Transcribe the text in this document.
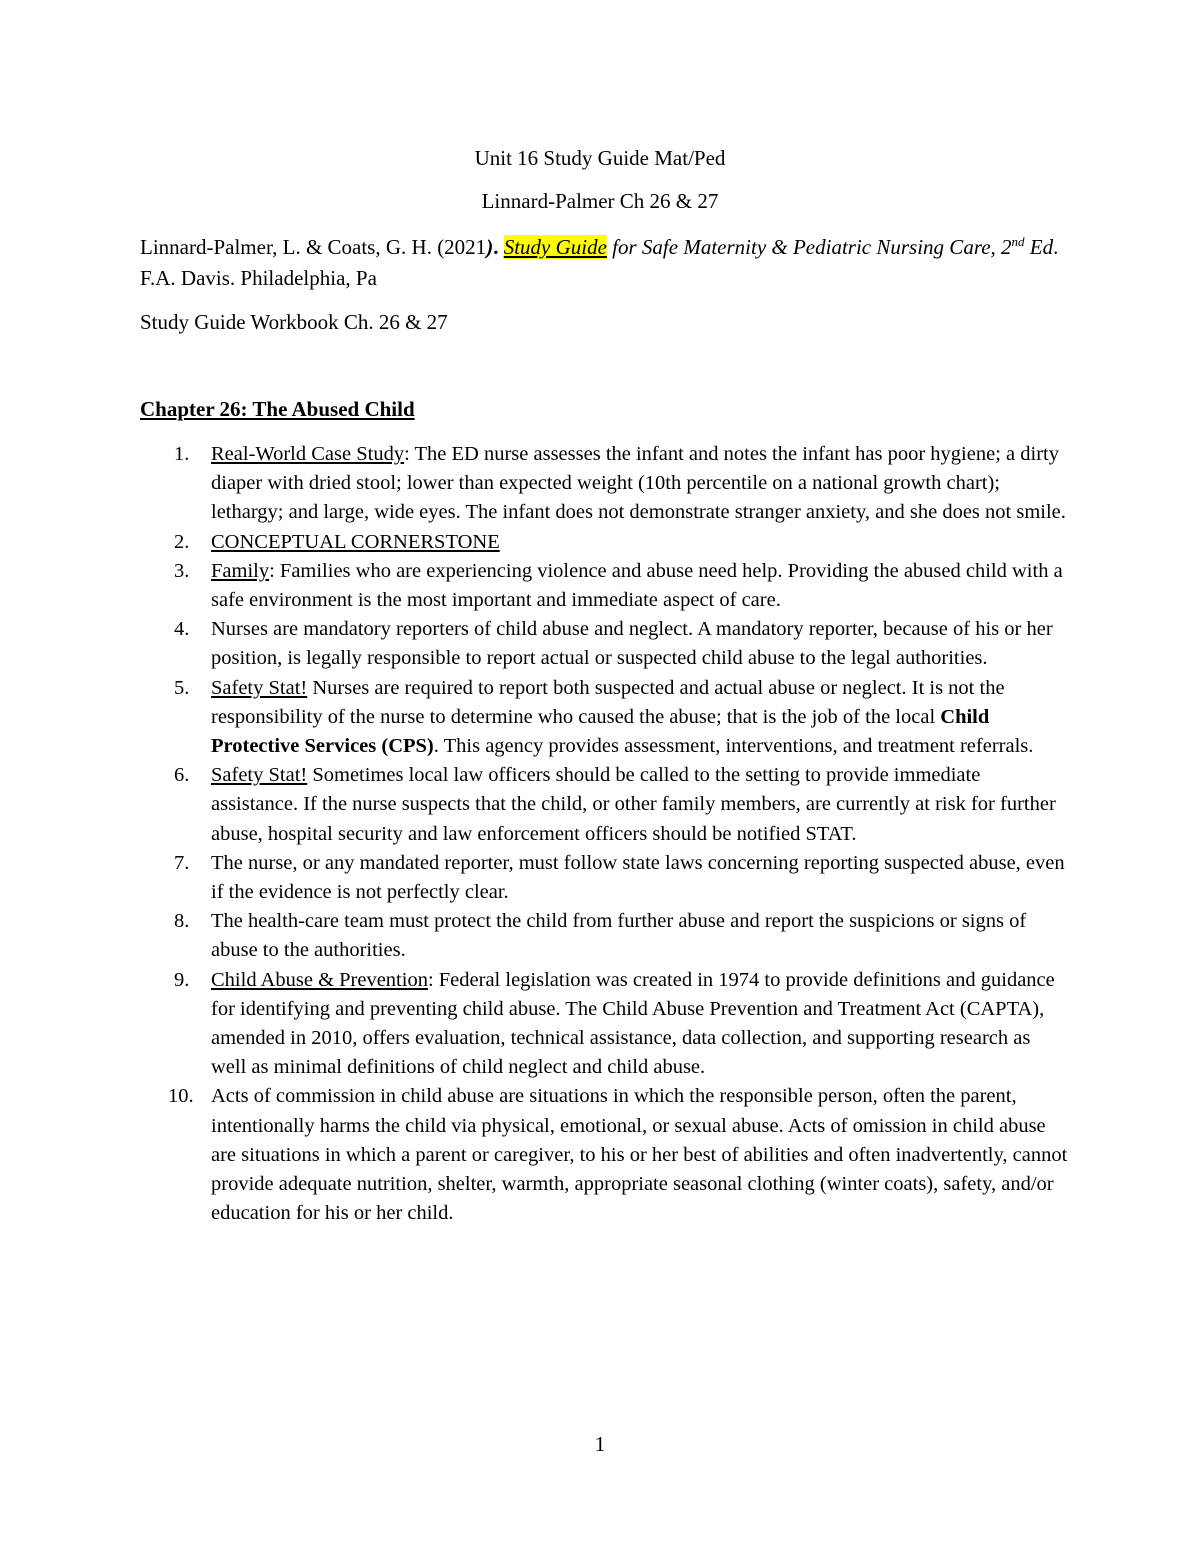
Unit 16 Study Guide Mat/Ped
Linnard-Palmer Ch 26 & 27
Linnard-Palmer, L. & Coats, G. H. (2021). Study Guide for Safe Maternity & Pediatric Nursing Care, 2nd Ed. F.A. Davis. Philadelphia, Pa
Study Guide Workbook Ch. 26 & 27
Chapter 26: The Abused Child
1.	Real-World Case Study: The ED nurse assesses the infant and notes the infant has poor hygiene; a dirty diaper with dried stool; lower than expected weight (10th percentile on a national growth chart); lethargy; and large, wide eyes. The infant does not demonstrate stranger anxiety, and she does not smile.
2.	CONCEPTUAL CORNERSTONE
3.	Family: Families who are experiencing violence and abuse need help. Providing the abused child with a safe environment is the most important and immediate aspect of care.
4.	Nurses are mandatory reporters of child abuse and neglect. A mandatory reporter, because of his or her position, is legally responsible to report actual or suspected child abuse to the legal authorities.
5.	Safety Stat! Nurses are required to report both suspected and actual abuse or neglect. It is not the responsibility of the nurse to determine who caused the abuse; that is the job of the local Child Protective Services (CPS). This agency provides assessment, interventions, and treatment referrals.
6.	Safety Stat! Sometimes local law officers should be called to the setting to provide immediate assistance. If the nurse suspects that the child, or other family members, are currently at risk for further abuse, hospital security and law enforcement officers should be notified STAT.
7.	The nurse, or any mandated reporter, must follow state laws concerning reporting suspected abuse, even if the evidence is not perfectly clear.
8.	The health-care team must protect the child from further abuse and report the suspicions or signs of abuse to the authorities.
9.	Child Abuse & Prevention: Federal legislation was created in 1974 to provide definitions and guidance for identifying and preventing child abuse. The Child Abuse Prevention and Treatment Act (CAPTA), amended in 2010, offers evaluation, technical assistance, data collection, and supporting research as well as minimal definitions of child neglect and child abuse.
10. Acts of commission in child abuse are situations in which the responsible person, often the parent, intentionally harms the child via physical, emotional, or sexual abuse. Acts of omission in child abuse are situations in which a parent or caregiver, to his or her best of abilities and often inadvertently, cannot provide adequate nutrition, shelter, warmth, appropriate seasonal clothing (winter coats), safety, and/or education for his or her child.
1
